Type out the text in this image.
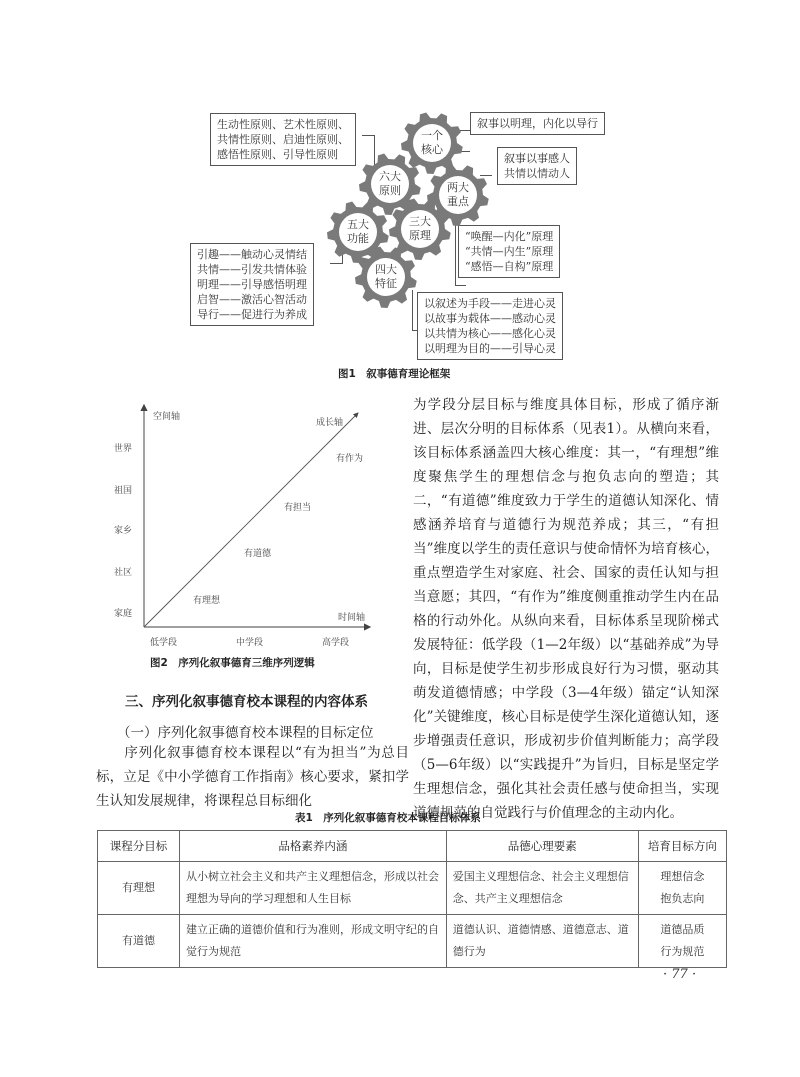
生动性原则、艺术性原则、
共情性原则、启迪性原则、
感悟性原则、引导性原则
叙事以明理，内化以导行
叙事以事感人
共情以情动人
“唤醒—内化”原理
“共情—内生”原理
“感悟—自构”原理
引趣——触动心灵情结
共情——引发共情体验
明理——引导感悟明理
启智——激活心智活动
导行——促进行为养成
以叙述为手段——走进心灵
以故事为载体——感动心灵
以共情为核心——感化心灵
以明理为目的——引导心灵
一个
核心
六大
原则	两大
重点
五大
功能
三大
原理
四大
特征
图1　叙事德育理论框架
空间轴
时间轴
成长轴
世界
祖国
家乡
社区
家庭
低学段	中学段	高学段
有理想
有道德
有担当
有作为
图2　序列化叙事德育三维序列逻辑
三、序列化叙事德育校本课程的内容体系
（一）序列化叙事德育校本课程的目标定位

　　序列化叙事德育校本课程以“有为担当”为总目标，立足《中小学德育工作指南》核心要求，紧扣学生认知发展规律，将课程总目标细化

为学段分层目标与维度具体目标，形成了循序渐进、层次分明的目标体系（见表1）。从横向来看，该目标体系涵盖四大核心维度：其一，“有理想”维度聚焦学生的理想信念与抱负志向的塑造；其二，“有道德”维度致力于学生的道德认知深化、情感涵养培育与道德行为规范养成；其三，“有担当”维度以学生的责任意识与使命情怀为培育核心，重点塑造学生对家庭、社会、国家的责任认知与担当意愿；其四，“有作为”维度侧重推动学生内在品格的行动外化。从纵向来看，目标体系呈现阶梯式发展特征：低学段（1—2年级）以“基础养成”为导向，目标是使学生初步形成良好行为习惯，驱动其萌发道德情感；中学段（3—4年级）锚定“认知深化”关键维度，核心目标是使学生深化道德认知，逐步增强责任意识，形成初步价值判断能力；高学段（5—6年级）以“实践提升”为旨归，目标是坚定学生理想信念，强化其社会责任感与使命担当，实现道德规范的自觉践行与价值理念的主动内化。

表1　序列化叙事德育校本课程目标体系
课程分目标	品格素养内涵	品德心理要素	培育目标方向
有理想	从小树立社会主义和共产主义理想信念，形成以社会理想为导向的学习理想和人生目标	爱国主义理想信念、社会主义理想信念、共产主义理想信念	理想信念
抱负志向
有道德	建立正确的道德价值和行为准则，形成文明守纪的自觉行为规范	道德认识、道德情感、道德意志、道德行为	道德品质
行为规范
· 77 ·
